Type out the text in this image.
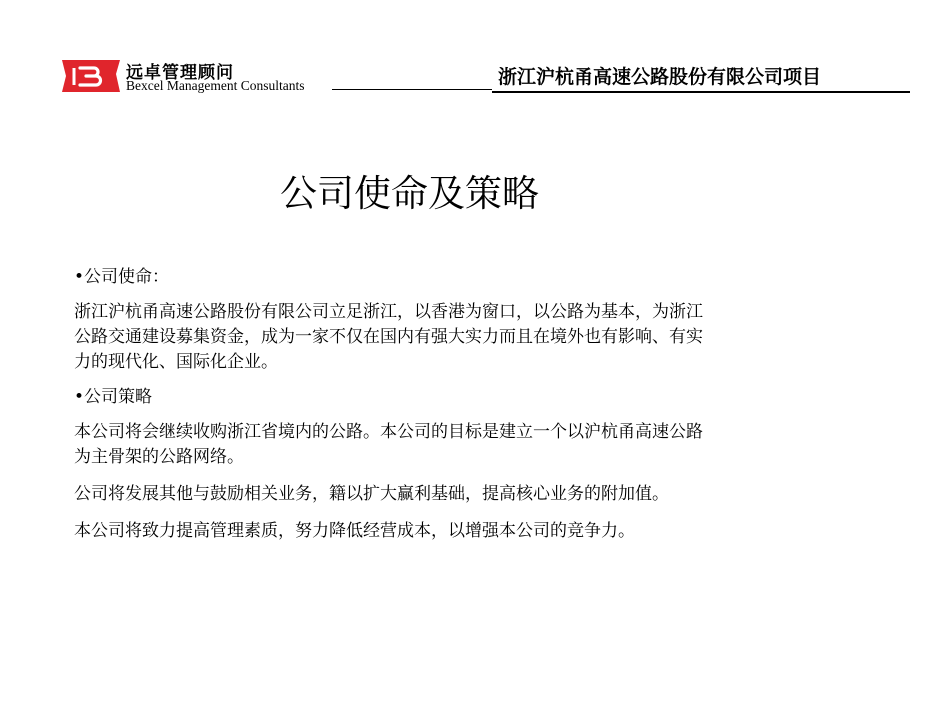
远卓管理顾问
Bexcel Management Consultants	浙江沪杭甬高速公路股份有限公司项目
公司使命及策略

•公司使命：

浙江沪杭甬高速公路股份有限公司立足浙江，以香港为窗口，以公路为基本，为浙江
公路交通建设募集资金，成为一家不仅在国内有强大实力而且在境外也有影响、有实
力的现代化、国际化企业。

•公司策略

本公司将会继续收购浙江省境内的公路。本公司的目标是建立一个以沪杭甬高速公路
为主骨架的公路网络。

公司将发展其他与鼓励相关业务，籍以扩大赢利基础，提高核心业务的附加值。

本公司将致力提高管理素质，努力降低经营成本，以增强本公司的竞争力。
